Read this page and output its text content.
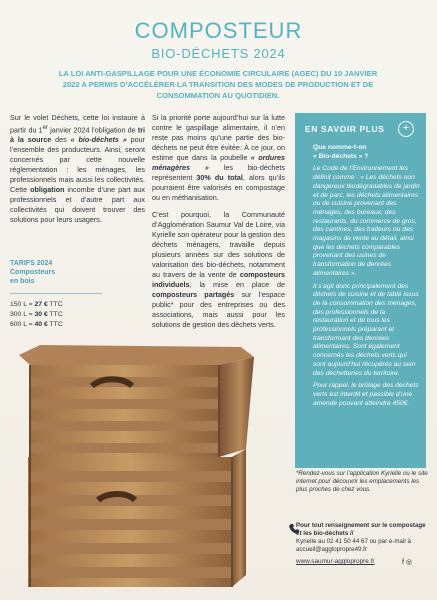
COMPOSTEUR
BIO-DÉCHETS 2024
LA LOI ANTI-GASPILLAGE POUR UNE ÉCONOMIE CIRCULAIRE (AGEC) DU 10 JANVIER 2022 A PERMIS D’ACCÉLÉRER LA TRANSITION DES MODES DE PRODUCTION ET DE CONSOMMATION AU QUOTIDIEN.

Sur le volet Déchets, cette loi instaure à partir du 1er janvier 2024 l’obligation de tri à la source des « bio-déchets » pour l’ensemble des producteurs. Ainsi, seront concernés par cette nouvelle réglementation : les ménages, les professionnels mais aussi les collectivités. Cette obligation incombe d’une part aux professionnels et d’autre part aux collectivités qui doivent trouver des solutions pour leurs usagers.

TARIFS 2024
Composteurs
en bois
150 L = 27 € TTC
300 L = 30 € TTC
600 L = 40 € TTC

Si la priorité porte aujourd’hui sur la lutte contre le gaspillage alimentaire, il n’en reste pas moins qu’une partie des bio-déchets ne peut être évitée. À ce jour, on estime que dans la poubelle « ordures ménagères » les bio-déchets représentent 30% du total, alors qu’ils pourraient être valorisés en compostage ou en méthanisation.

C’est pourquoi, la Communauté d’Agglomération Saumur Val de Loire, via Kyrielle son opérateur pour la gestion des déchets ménagers, travaille depuis plusieurs années sur des solutions de valorisation des bio-déchets, notamment au travers de la vente de composteurs individuels, la mise en place de composteurs partagés sur l’espace public* pour des entreprises ou des associations, mais aussi pour les solutions de gestion des déchets verts.

EN SAVOIR PLUS	+

Que nomme-t-on
« Bio-déchets » ?

Le Code de l’Environnement les définit comme : « Les déchets non dangereux biodégradables de jardin et de parc, les déchets alimentaires ou de cuisine provenant des ménages, des bureaux, des restaurants, du commerce de gros, des cantines, des traiteurs ou des magasins de vente au détail, ainsi que les déchets comparables provenant des usines de transformation de denrées alimentaires ».

Il s’agit donc principalement des déchets de cuisine et de table issus de la consommation des ménages, des professionnels de la restauration et de tous les professionnels préparant et transformant des denrées alimentaires. Sont également concernés les déchets verts qui sont aujourd’hui récupérés au sein des déchetteries du territoire.

Pour rappel, le brûlage des déchets verts est interdit et passible d’une amende pouvant atteindre 450€.

*Rendez-vous sur l’application Kyrielle ou le site internet pour découvrir les emplacements les plus proches de chez vous.
Pour tout renseignement sur le compostage et les bio-déchets //
Kyrielle au 02 41 50 44 67 ou par e-mail à accueil@agglopropre49.fr
www.saumur-agglopropre.fr	f ◎
